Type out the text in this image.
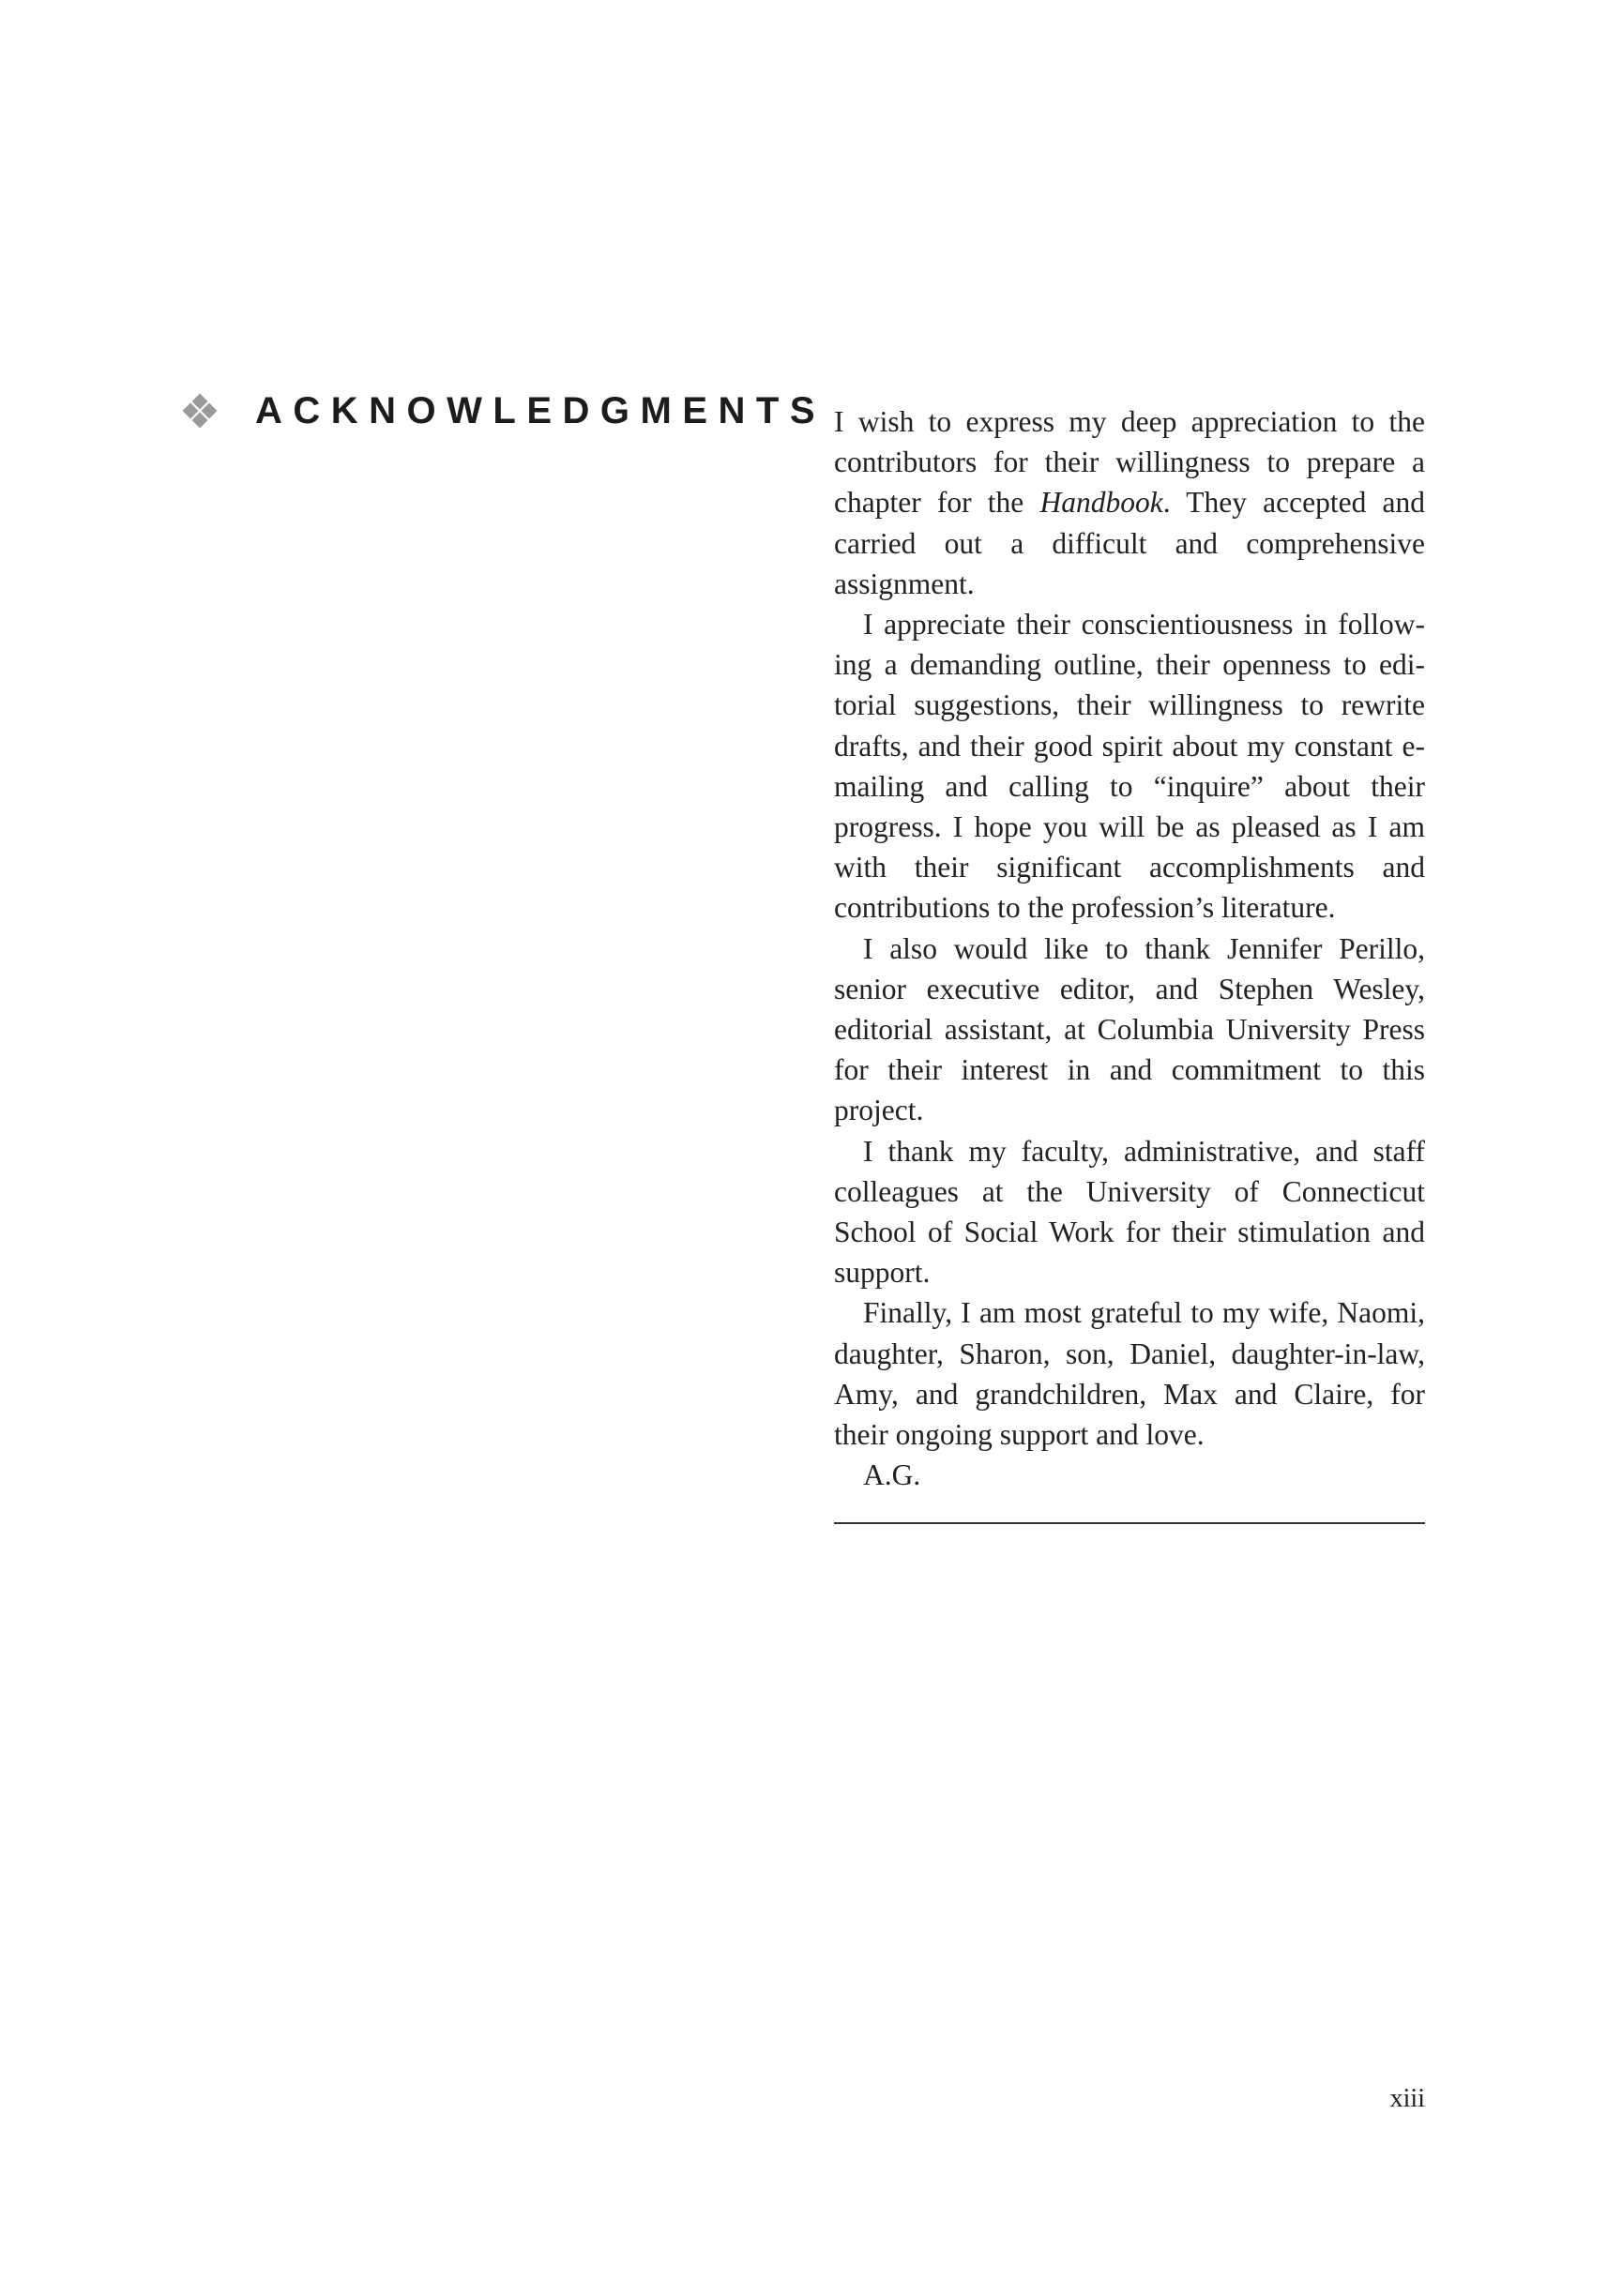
ACKNOWLEDGMENTS I wish to express my deep appreciation to the contributors for their willingness to prepare a chapter for the Handbook. They accepted and carried out a difficult and comprehensive assignment.

I appreciate their conscientiousness in following a demanding outline, their openness to editorial suggestions, their willingness to rewrite drafts, and their good spirit about my constant e-mailing and calling to “inquire” about their progress. I hope you will be as pleased as I am with their significant accomplishments and contributions to the profession’s literature.

I also would like to thank Jennifer Perillo, senior executive editor, and Stephen Wesley, editorial assistant, at Columbia University Press for their interest in and commitment to this project.

I thank my faculty, administrative, and staff colleagues at the University of Connecticut School of Social Work for their stimulation and support.

Finally, I am most grateful to my wife, Naomi, daughter, Sharon, son, Daniel, daughter-in-law, Amy, and grandchildren, Max and Claire, for their ongoing support and love.

A.G.

xiii
